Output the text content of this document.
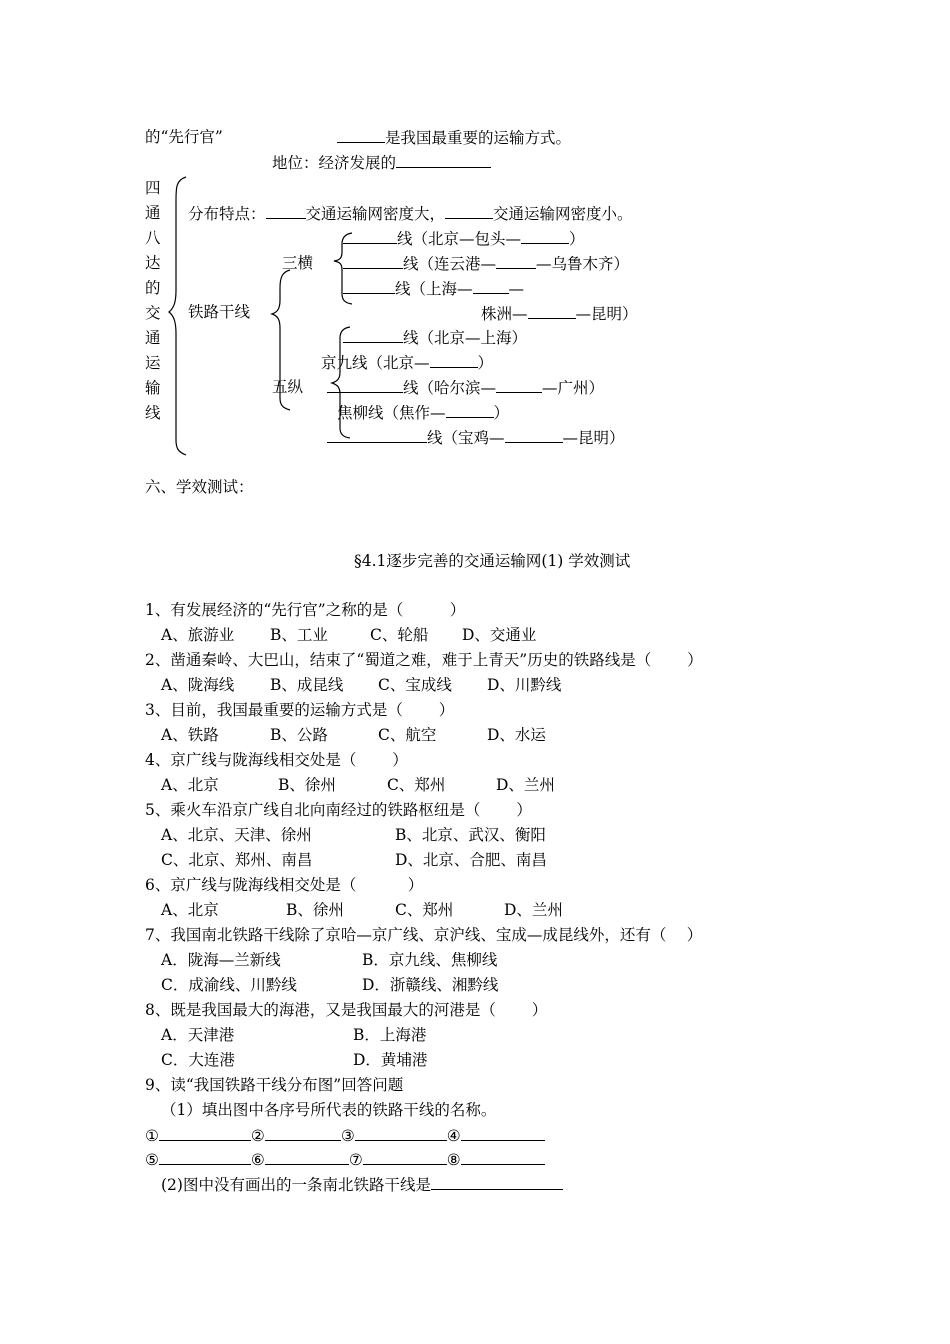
的“先行官”	是我国最重要的运输方式。
地位：经济发展的
四
通
八
达
的
交
通
运
输
线
分布特点：	交通运输网密度大，	交通运输网密度小。
铁路干线
三横
五纵
线（北京—包头—	）
线（连云港—	—乌鲁木齐）
线（上海— —
株洲—	—昆明）
线（北京—上海）
京九线（北京—	）
线（哈尔滨—	—广州）
焦柳线（焦作—	）
线（宝鸡—	—昆明）
六、学效测试：
§4.1逐步完善的交通运输网(1) 学效测试
1、有发展经济的“先行官”之称的是（　　　）
A、旅游业 B、工业	C、轮船 D、交通业
2、凿通秦岭、大巴山，结束了“蜀道之难，难于上青天”历史的铁路线是（　　 ）
A、陇海线 B、成昆线 C、宝成线 D、川黔线
3、目前，我国最重要的运输方式是（　　 ）
A、铁路	B、公路	C、航空	D、水运
4、京广线与陇海线相交处是（　　 ）
A、北京	B、徐州	C、郑州	D、兰州
5、乘火车沿京广线自北向南经过的铁路枢纽是（　　 ）
A、北京、天津、徐州	B、北京、武汉、衡阳
C、北京、郑州、南昌	D、北京、合肥、南昌
6、京广线与陇海线相交处是（　　　 ）
A、北京	B、徐州	C、郑州	D、兰州
7、我国南北铁路干线除了京哈—京广线、京沪线、宝成—成昆线外，还有（　 ）
A．陇海—兰新线	B．京九线、焦柳线
C．成渝线、川黔线	D．浙赣线、湘黔线
8、既是我国最大的海港，又是我国最大的河港是（　　 ）
A．天津港	B．上海港
C．大连港	D．黄埔港
9、读“我国铁路干线分布图”回答问题
（1）填出图中各序号所代表的铁路干线的名称。
①	②	③	④
⑤	⑥	⑦	⑧
(2)图中没有画出的一条南北铁路干线是
